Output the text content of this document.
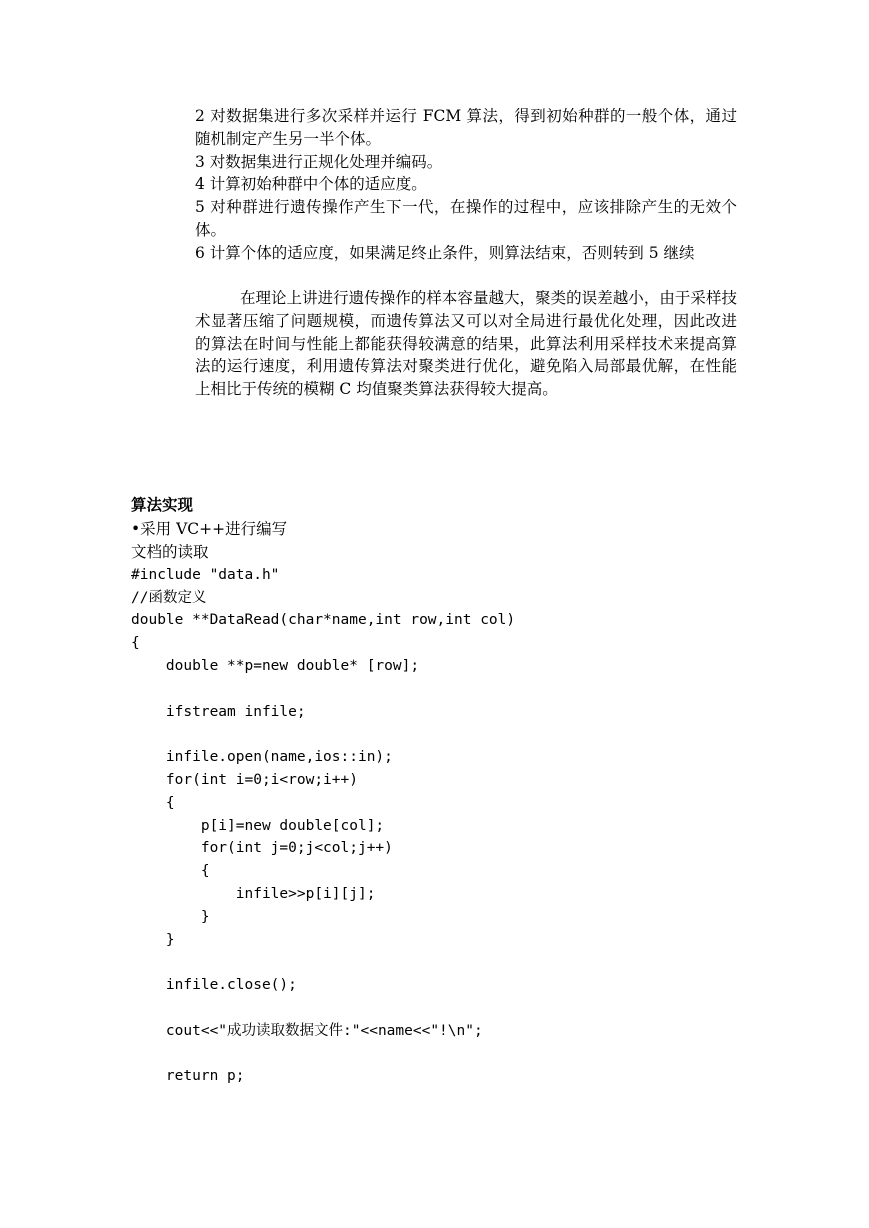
2 对数据集进行多次采样并运行 FCM 算法，得到初始种群的一般个体，通过随机制定产生另一半个体。

3 对数据集进行正规化处理并编码。

4 计算初始种群中个体的适应度。

5 对种群进行遗传操作产生下一代，在操作的过程中，应该排除产生的无效个体。

6 计算个体的适应度，如果满足终止条件，则算法结束，否则转到 5 继续

在理论上讲进行遗传操作的样本容量越大，聚类的误差越小，由于采样技术显著压缩了问题规模，而遗传算法又可以对全局进行最优化处理，因此改进的算法在时间与性能上都能获得较满意的结果，此算法利用采样技术来提高算法的运行速度，利用遗传算法对聚类进行优化，避免陷入局部最优解，在性能上相比于传统的模糊 C 均值聚类算法获得较大提高。

算法实现

•采用 VC++进行编写
文档的读取
#include "data.h"
//函数定义
double **DataRead(char*name,int row,int col)
{
double **p=new double* [row];
ifstream infile;
infile.open(name,ios::in);
for(int i=0;i<row;i++)
{
p[i]=new double[col];
for(int j=0;j<col;j++)
{
infile>>p[i][j];
}
}
infile.close();
cout<<"成功读取数据文件:"<<name<<"!\n";
return p;
